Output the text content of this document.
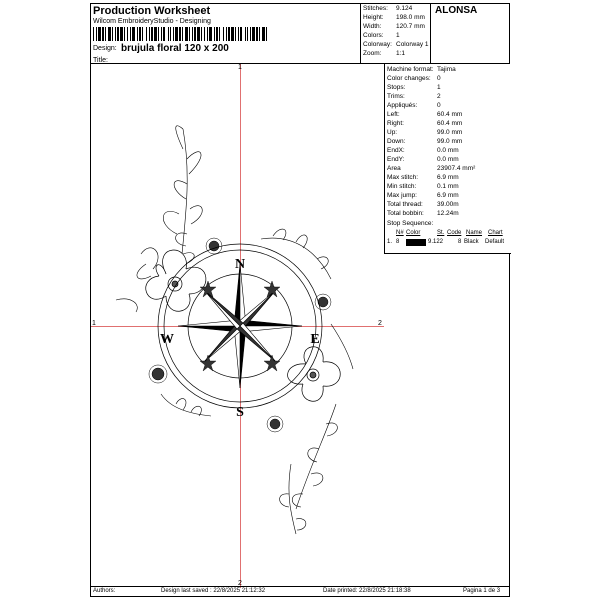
Production Worksheet
Wilcom EmbroideryStudio - Designing
Design: brujula floral 120 x 200
Title:
Stitches: 9.124
Height: 198.0 mm
Width: 120.7 mm
Colors: 1
Colorway: Colorway 1
Zoom: 1:1
ALONSA
1	2
1
2
N
S
E
W
Machine format: Tajima
Color changes: 0
Stops:	1
Trims:	2
Appliqués:	0
Left:	60.4 mm
Right:	60.4 mm
Up:	99.0 mm
Down:	99.0 mm
EndX:	0.0 mm
EndY:	0.0 mm
Area	23907.4 mm²
Max stitch:	6.9 mm
Min stitch:	0.1 mm
Max jump:	6.9 mm
Total thread: 39.00m
Total bobbin: 12.24m
Stop Sequence:
N# Color	St. Code Name Chart
1. 8	9.122 8 Black Default
Authors:	Design last saved : 22/8/2025 21:12:32	Date printed: 22/8/2025 21:18:38	Pagina 1 de 3
